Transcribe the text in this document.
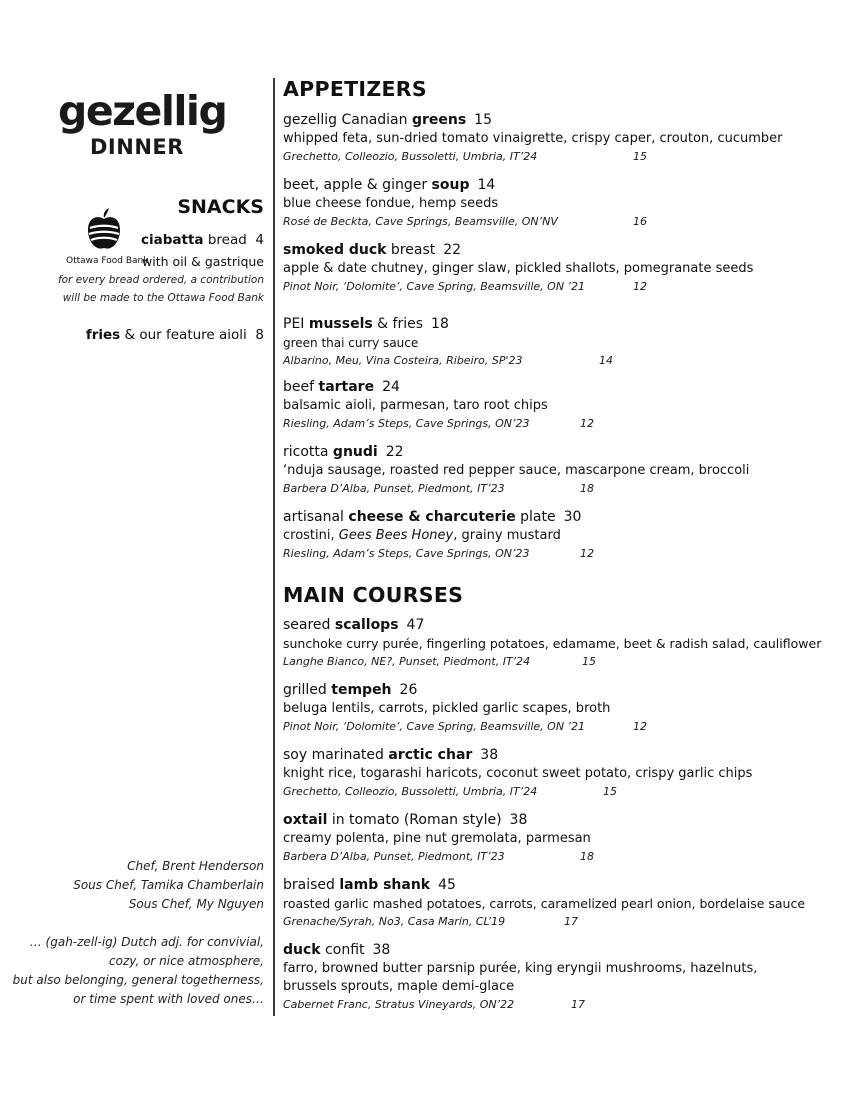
gezellig
DINNER
SNACKS
Ottawa Food Bank
ciabatta bread 4
with oil & gastrique
for every bread ordered, a contribution
will be made to the Ottawa Food Bank
fries & our feature aioli 8
Chef, Brent Henderson
Sous Chef, Tamika Chamberlain
Sous Chef, My Nguyen
… (gah-zell-ig) Dutch adj. for convivial,
cozy, or nice atmosphere,
but also belonging, general togetherness,
or time spent with loved ones…
APPETIZERS
gezellig Canadian greens 15
whipped feta, sun-dried tomato vinaigrette, crispy caper, crouton, cucumber
Grechetto, Colleozio, Bussoletti, Umbria, IT’24	15
beet, apple & ginger soup 14
blue cheese fondue, hemp seeds
Rosé de Beckta, Cave Springs, Beamsville, ON’NV	16
smoked duck breast 22
apple & date chutney, ginger slaw, pickled shallots, pomegranate seeds
Pinot Noir, ‘Dolomite’, Cave Spring, Beamsville, ON ’21	12
PEI mussels & fries 18
green thai curry sauce
Albarino, Meu, Vina Costeira, Ribeiro, SP'23	14
beef tartare 24
balsamic aioli, parmesan, taro root chips
Riesling, Adam’s Steps, Cave Springs, ON’23	12
ricotta gnudi 22
‘nduja sausage, roasted red pepper sauce, mascarpone cream, broccoli
Barbera D’Alba, Punset, Piedmont, IT’23	18
artisanal cheese & charcuterie plate 30
crostini, Gees Bees Honey, grainy mustard
Riesling, Adam’s Steps, Cave Springs, ON’23	12
MAIN COURSES
seared scallops 47
sunchoke curry purée, fingerling potatoes, edamame, beet & radish salad, cauliflower
Langhe Bianco, NE?, Punset, Piedmont, IT’24	15
grilled tempeh 26
beluga lentils, carrots, pickled garlic scapes, broth
Pinot Noir, ‘Dolomite’, Cave Spring, Beamsville, ON ’21	12
soy marinated arctic char 38
knight rice, togarashi haricots, coconut sweet potato, crispy garlic chips
Grechetto, Colleozio, Bussoletti, Umbria, IT’24	15
oxtail in tomato (Roman style) 38
creamy polenta, pine nut gremolata, parmesan
Barbera D’Alba, Punset, Piedmont, IT’23	18
braised lamb shank 45
roasted garlic mashed potatoes, carrots, caramelized pearl onion, bordelaise sauce
Grenache/Syrah, No3, Casa Marin, CL’19	17
duck confit 38
farro, browned butter parsnip purée, king eryngii mushrooms, hazelnuts,
brussels sprouts, maple demi-glace
Cabernet Franc, Stratus Vineyards, ON’22	17
